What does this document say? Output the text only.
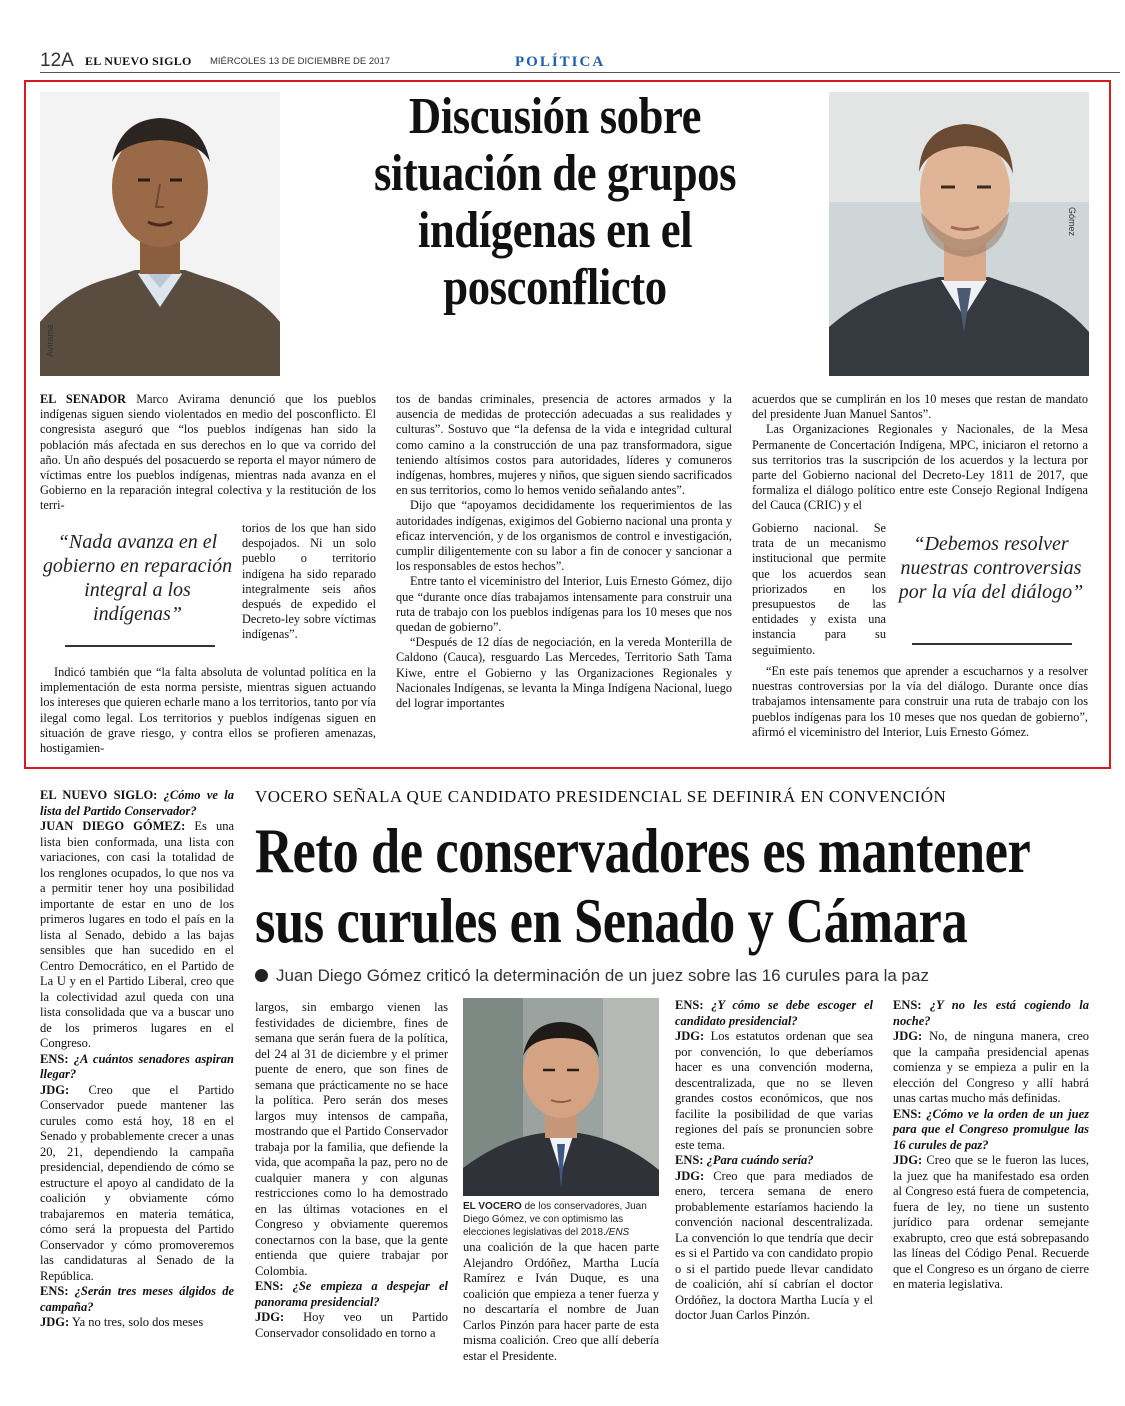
12A EL NUEVO SIGLO MIÉRCOLES 13 DE DICIEMBRE DE 2017	POLÍTICA
Avirama
Discusión sobre situación de grupos indígenas en el posconflicto
Gómez

EL SENADOR Marco Avirama denunció que los pueblos indígenas siguen siendo violentados en medio del posconflicto. El congresista aseguró que “los pueblos indígenas han sido la población más afectada en sus derechos en lo que va corrido del año. Un año después del posacuerdo se reporta el mayor número de víctimas entre los pueblos indígenas, mientras nada avanza en el Gobierno en la reparación integral colectiva y la restitución de los terri-

torios de los que han sido despojados. Ni un solo pueblo o territorio indígena ha sido reparado integralmente seis años después de expedido el Decreto-ley sobre víctimas indígenas”.

“Nada avanza en el gobierno en reparación integral a los indígenas”

Indicó también que “la falta absoluta de voluntad política en la implementación de esta norma persiste, mientras siguen actuando los intereses que quieren echarle mano a los territorios, tanto por vía ilegal como legal. Los territorios y pueblos indígenas siguen en situación de grave riesgo, y contra ellos se profieren amenazas, hostigamien-

tos de bandas criminales, presencia de actores armados y la ausencia de medidas de protección adecuadas a sus realidades y culturas”. Sostuvo que “la defensa de la vida e integridad cultural como camino a la construcción de una paz transformadora, sigue teniendo altísimos costos para autoridades, líderes y comuneros indígenas, hombres, mujeres y niños, que siguen siendo sacrificados en sus territorios, como lo hemos venido señalando antes”.

Dijo que “apoyamos decididamente los requerimientos de las autoridades indígenas, exigimos del Gobierno nacional una pronta y eficaz intervención, y de los organismos de control e investigación, cumplir diligentemente con su labor a fin de conocer y sancionar a los responsables de estos hechos”.

Entre tanto el viceministro del Interior, Luis Ernesto Gómez, dijo que “durante once días trabajamos intensamente para construir una ruta de trabajo con los pueblos indígenas para los 10 meses que nos quedan de gobierno”.

“Después de 12 días de negociación, en la vereda Monterilla de Caldono (Cauca), resguardo Las Mercedes, Territorio Sath Tama Kiwe, entre el Gobierno y las Organizaciones Regionales y Nacionales Indígenas, se levanta la Minga Indígena Nacional, luego del lograr importantes

acuerdos que se cumplirán en los 10 meses que restan de mandato del presidente Juan Manuel Santos”.

Las Organizaciones Regionales y Nacionales, de la Mesa Permanente de Concertación Indígena, MPC, iniciaron el retorno a sus territorios tras la suscripción de los acuerdos y la lectura por parte del Gobierno nacional del Decreto-Ley 1811 de 2017, que formaliza el diálogo político entre este Consejo Regional Indígena del Cauca (CRIC) y el

Gobierno nacional. Se trata de un mecanismo institucional que permite que los acuerdos sean priorizados en los presupuestos de las entidades y exista una instancia para su seguimiento.

“Debemos resolver nuestras controversias por la vía del diálogo”

“En este país tenemos que aprender a escucharnos y a resolver nuestras controversias por la vía del diálogo. Durante once días trabajamos intensamente para construir una ruta de trabajo con los pueblos indígenas para los 10 meses que nos quedan de gobierno”, afirmó el viceministro del Interior, Luis Ernesto Gómez.

EL NUEVO SIGLO: ¿Cómo ve la lista del Partido Conservador?

JUAN DIEGO GÓMEZ: Es una lista bien conformada, una lista con variaciones, con casi la totalidad de los renglones ocupados, lo que nos va a permitir tener hoy una posibilidad importante de estar en uno de los primeros lugares en todo el país en la lista al Senado, debido a las bajas sensibles que han sucedido en el Centro Democrático, en el Partido de La U y en el Partido Liberal, creo que la colectividad azul queda con una lista consolidada que va a buscar uno de los primeros lugares en el Congreso.

ENS: ¿A cuántos senadores aspiran llegar?

JDG: Creo que el Partido Conservador puede mantener las curules como está hoy, 18 en el Senado y probablemente crecer a unas 20, 21, dependiendo la campaña presidencial, dependiendo de cómo se estructure el apoyo al candidato de la coalición y obviamente cómo trabajaremos en materia temática, cómo será la propuesta del Partido Conservador y cómo promoveremos las candidaturas al Senado de la República.

ENS: ¿Serán tres meses álgidos de campaña?

JDG: Ya no tres, solo dos meses

VOCERO SEÑALA QUE CANDIDATO PRESIDENCIAL SE DEFINIRÁ EN CONVENCIÓN
Reto de conservadores es mantener
sus curules en Senado y Cámara
Juan Diego Gómez criticó la determinación de un juez sobre las 16 curules para la paz

largos, sin embargo vienen las festividades de diciembre, fines de semana que serán fuera de la política, del 24 al 31 de diciembre y el primer puente de enero, que son fines de semana que prácticamente no se hace la política. Pero serán dos meses largos muy intensos de campaña, mostrando que el Partido Conservador trabaja por la familia, que defiende la vida, que acompaña la paz, pero no de cualquier manera y con algunas restricciones como lo ha demostrado en las últimas votaciones en el Congreso y obviamente queremos conectarnos con la base, que la gente entienda que quiere trabajar por Colombia.

ENS: ¿Se empieza a despejar el panorama presidencial?

JDG: Hoy veo un Partido Conservador consolidado en torno a

EL VOCERO de los conservadores, Juan Diego Gómez, ve con optimismo las elecciones legislativas del 2018./ENS

una coalición de la que hacen parte Alejandro Ordóñez, Martha Lucía Ramírez e Iván Duque, es una coalición que empieza a tener fuerza y no descartaría el nombre de Juan Carlos Pinzón para hacer parte de esta misma coalición. Creo que allí debería estar el Presidente.

ENS: ¿Y cómo se debe escoger el candidato presidencial?

JDG: Los estatutos ordenan que sea por convención, lo que deberíamos hacer es una convención moderna, descentralizada, que no se lleven grandes costos económicos, que nos facilite la posibilidad de que varias regiones del país se pronuncien sobre este tema.

ENS: ¿Para cuándo sería?

JDG: Creo que para mediados de enero, tercera semana de enero probablemente estaríamos haciendo la convención nacional descentralizada. La convención lo que tendría que decir es si el Partido va con candidato propio o si el partido puede llevar candidato de coalición, ahí sí cabrían el doctor Ordóñez, la doctora Martha Lucía y el doctor Juan Carlos Pinzón.

ENS: ¿Y no les está cogiendo la noche?

JDG: No, de ninguna manera, creo que la campaña presidencial apenas comienza y se empieza a pulir en la elección del Congreso y allí habrá unas cartas mucho más definidas.

ENS: ¿Cómo ve la orden de un juez para que el Congreso promulgue las 16 curules de paz?

JDG: Creo que se le fueron las luces, la juez que ha manifestado esa orden al Congreso está fuera de competencia, fuera de ley, no tiene un sustento jurídico para ordenar semejante exabrupto, creo que está sobrepasando las líneas del Código Penal. Recuerde que el Congreso es un órgano de cierre en materia legislativa.
